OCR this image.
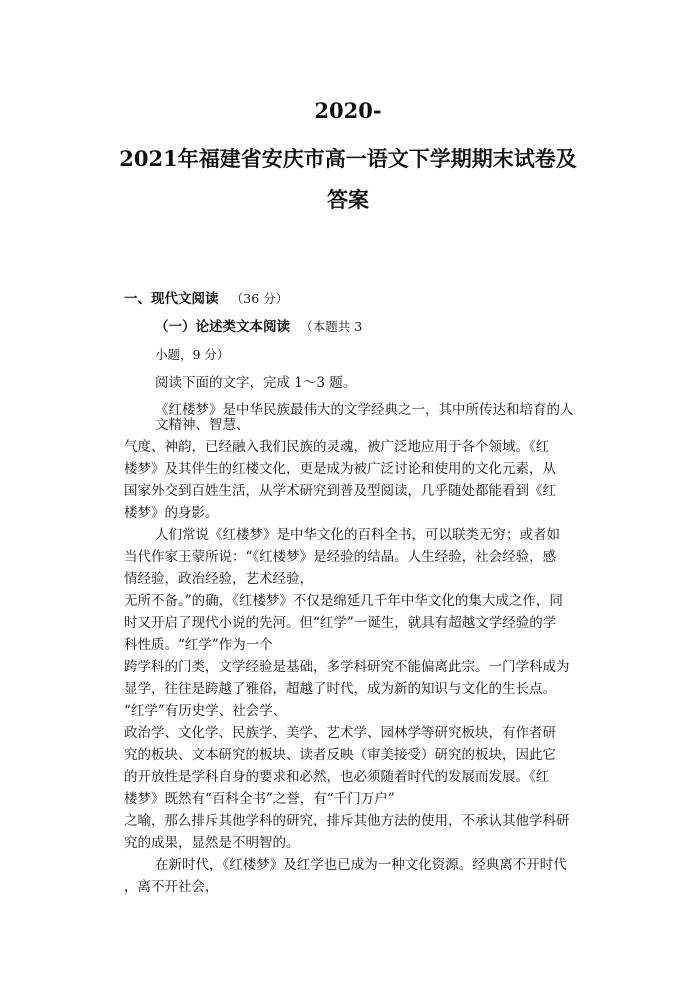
2020-
2021年福建省安庆市高一语文下学期期末试卷及
答案
一、现代文阅读 （36 分）
（一）论述类文本阅读 （本题共 3
小题，9 分）
阅读下面的文字，完成 1～3 题。
《红楼梦》是中华民族最伟大的文学经典之一，其中所传达和培育的人
文精神、智慧、
气度、神韵，已经融入我们民族的灵魂，被广泛地应用于各个领域。《红
楼梦》及其伴生的红楼文化，更是成为被广泛讨论和使用的文化元素，从
国家外交到百姓生活，从学术研究到普及型阅读，几乎随处都能看到《红
楼梦》的身影。
人们常说《红楼梦》是中华文化的百科全书，可以联类无穷；或者如
当代作家王蒙所说：“《红楼梦》是经验的结晶。人生经验，社会经验，感
情经验，政治经验，艺术经验，
无所不备。”的确，《红楼梦》不仅是绵延几千年中华文化的集大成之作，同
时又开启了现代小说的先河。但“红学”一诞生，就具有超越文学经验的学
科性质。“红学”作为一个
跨学科的门类，文学经验是基础，多学科研究不能偏离此宗。一门学科成为
显学，往往是跨越了雅俗，超越了时代，成为新的知识与文化的生长点。
“红学”有历史学、社会学、
政治学、文化学、民族学、美学、艺术学、园林学等研究板块，有作者研
究的板块、文本研究的板块、读者反映（审美接受）研究的板块，因此它
的开放性是学科自身的要求和必然，也必须随着时代的发展而发展。《红
楼梦》既然有“百科全书”之誉，有“千门万户”
之喻，那么排斥其他学科的研究，排斥其他方法的使用，不承认其他学科研
究的成果，显然是不明智的。
在新时代，《红楼梦》及红学也已成为一种文化资源。经典离不开时代
，离不开社会，
